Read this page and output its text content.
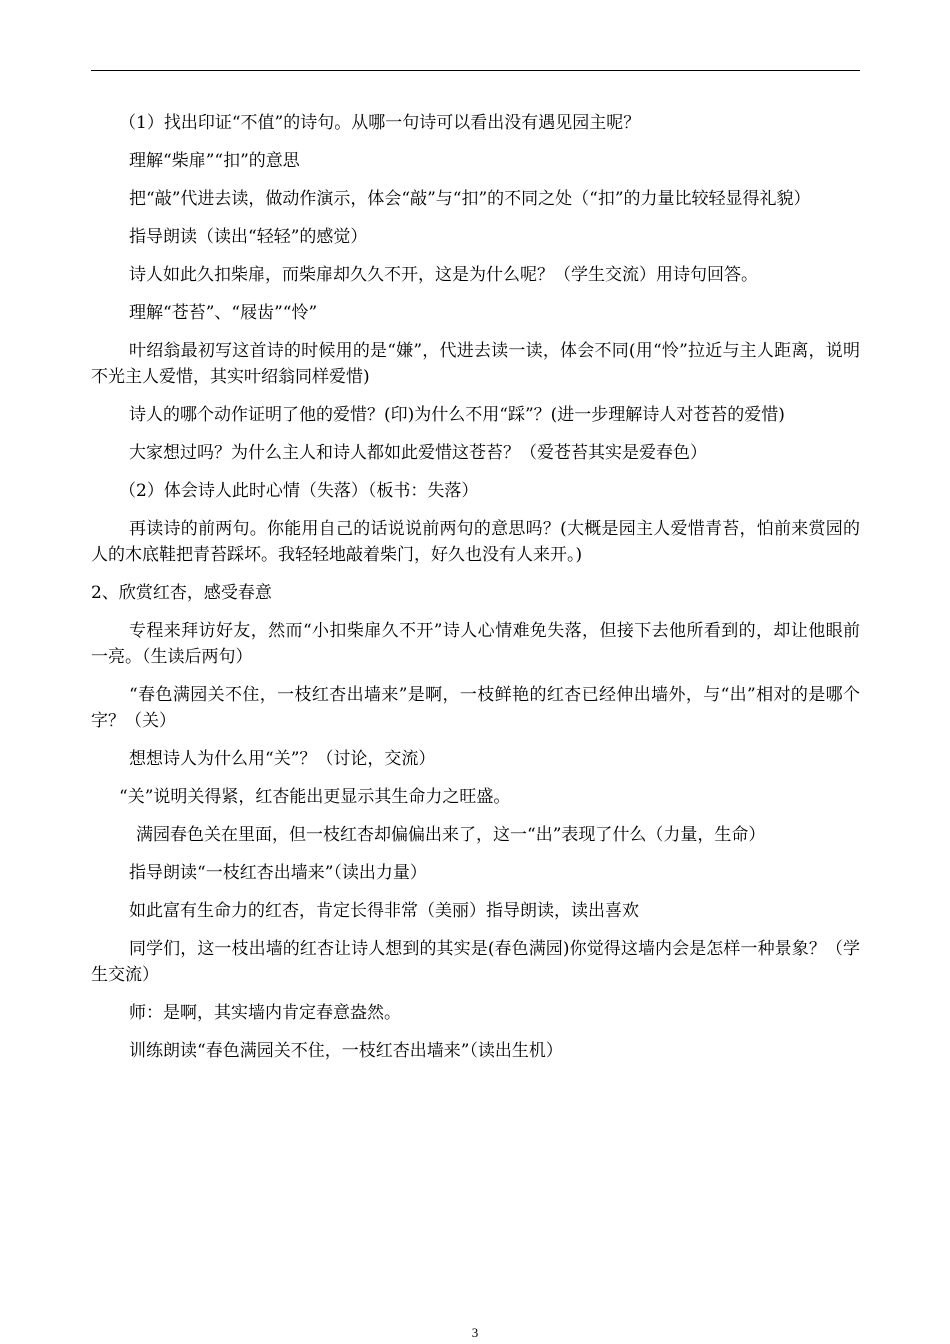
（1）找出印证“不值”的诗句。从哪一句诗可以看出没有遇见园主呢？

理解“柴扉”“扣”的意思

把“敲”代进去读，做动作演示，体会“敲”与“扣”的不同之处（“扣”的力量比较轻显得礼貌）

指导朗读（读出“轻轻”的感觉）

诗人如此久扣柴扉，而柴扉却久久不开，这是为什么呢？（学生交流）用诗句回答。

理解“苍苔”、“屐齿”“怜”

叶绍翁最初写这首诗的时候用的是“嫌”，代进去读一读，体会不同(用“怜”拉近与主人距离，说明不光主人爱惜，其实叶绍翁同样爱惜)

诗人的哪个动作证明了他的爱惜？(印)为什么不用“踩”？(进一步理解诗人对苍苔的爱惜)

大家想过吗？为什么主人和诗人都如此爱惜这苍苔？（爱苍苔其实是爱春色）

（2）体会诗人此时心情（失落）（板书：失落）

再读诗的前两句。你能用自己的话说说前两句的意思吗？(大概是园主人爱惜青苔，怕前来赏园的人的木底鞋把青苔踩坏。我轻轻地敲着柴门，好久也没有人来开。)

2、欣赏红杏，感受春意

专程来拜访好友，然而“小扣柴扉久不开”诗人心情难免失落，但接下去他所看到的，却让他眼前一亮。（生读后两句）

“春色满园关不住，一枝红杏出墙来”是啊，一枝鲜艳的红杏已经伸出墙外，与“出”相对的是哪个字？（关）

想想诗人为什么用“关”？（讨论，交流）

“关”说明关得紧，红杏能出更显示其生命力之旺盛。

满园春色关在里面，但一枝红杏却偏偏出来了，这一“出”表现了什么（力量，生命）

指导朗读“一枝红杏出墙来”（读出力量）

如此富有生命力的红杏，肯定长得非常（美丽）指导朗读，读出喜欢

同学们，这一枝出墙的红杏让诗人想到的其实是(春色满园)你觉得这墙内会是怎样一种景象？（学生交流）

师：是啊，其实墙内肯定春意盎然。

训练朗读“春色满园关不住，一枝红杏出墙来”（读出生机）

3
